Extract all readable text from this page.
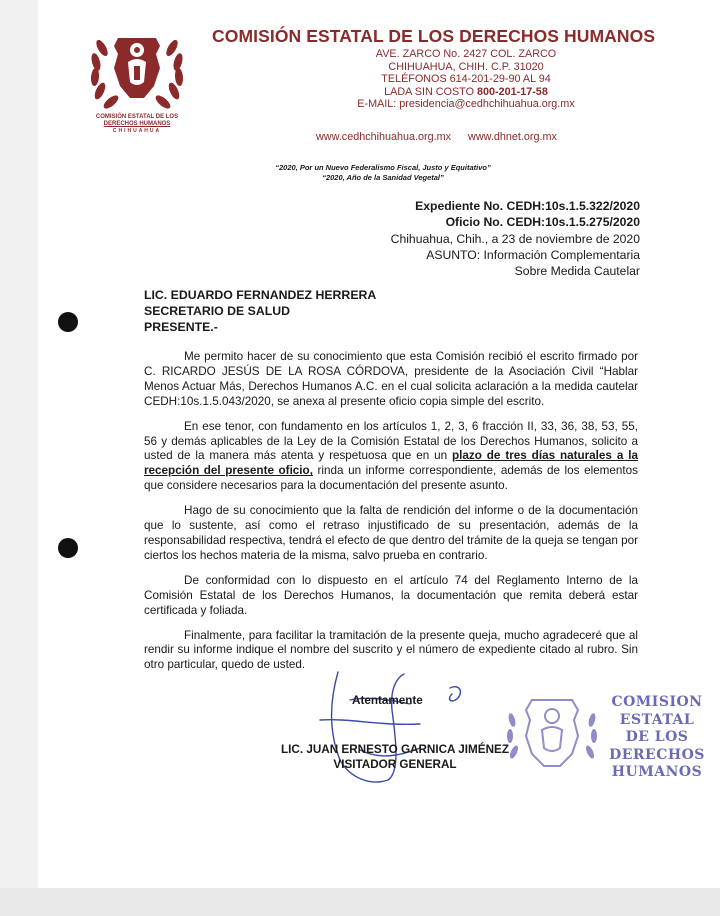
COMISIÓN ESTATAL DE LOS
DERECHOS HUMANOS
CHIHUAHUA
COMISIÓN ESTATAL DE LOS DERECHOS HUMANOS
AVE. ZARCO No. 2427 COL. ZARCO
CHIHUAHUA, CHIH. C.P. 31020
TELÉFONOS 614-201-29-90 AL 94
LADA SIN COSTO 800-201-17-58
E-MAIL: presidencia@cedhchihuahua.org.mx
www.cedhchihuahua.org.mx www.dhnet.org.mx
“2020, Por un Nuevo Federalismo Fiscal, Justo y Equitativo”
“2020, Año de la Sanidad Vegetal”
Expediente No. CEDH:10s.1.5.322/2020
Oficio No. CEDH:10s.1.5.275/2020
Chihuahua, Chih., a 23 de noviembre de 2020
ASUNTO: Información Complementaria
Sobre Medida Cautelar
LIC. EDUARDO FERNANDEZ HERRERA
SECRETARIO DE SALUD
PRESENTE.-

Me permito hacer de su conocimiento que esta Comisión recibió el escrito firmado por C. RICARDO JESÚS DE LA ROSA CÓRDOVA, presidente de la Asociación Civil “Hablar Menos Actuar Más, Derechos Humanos A.C. en el cual solicita aclaración a la medida cautelar CEDH:10s.1.5.043/2020, se anexa al presente oficio copia simple del escrito.

En ese tenor, con fundamento en los artículos 1, 2, 3, 6 fracción II, 33, 36, 38, 53, 55, 56 y demás aplicables de la Ley de la Comisión Estatal de los Derechos Humanos, solicito a usted de la manera más atenta y respetuosa que en un plazo de tres días naturales a la recepción del presente oficio, rinda un informe correspondiente, además de los elementos que considere necesarios para la documentación del presente asunto.

Hago de su conocimiento que la falta de rendición del informe o de la documentación que lo sustente, así como el retraso injustificado de su presentación, además de la responsabilidad respectiva, tendrá el efecto de que dentro del trámite de la queja se tengan por ciertos los hechos materia de la misma, salvo prueba en contrario.

De conformidad con lo dispuesto en el artículo 74 del Reglamento Interno de la Comisión Estatal de los Derechos Humanos, la documentación que remita deberá estar certificada y foliada.

Finalmente, para facilitar la tramitación de la presente queja, mucho agradeceré que al rendir su informe indique el nombre del suscrito y el número de expediente citado al rubro. Sin otro particular, quedo de usted.

Atentamente
LIC. JUAN ERNESTO GARNICA JIMÉNEZ
VISITADOR GENERAL
COMISION
ESTATAL
DE LOS
DERECHOS
HUMANOS
